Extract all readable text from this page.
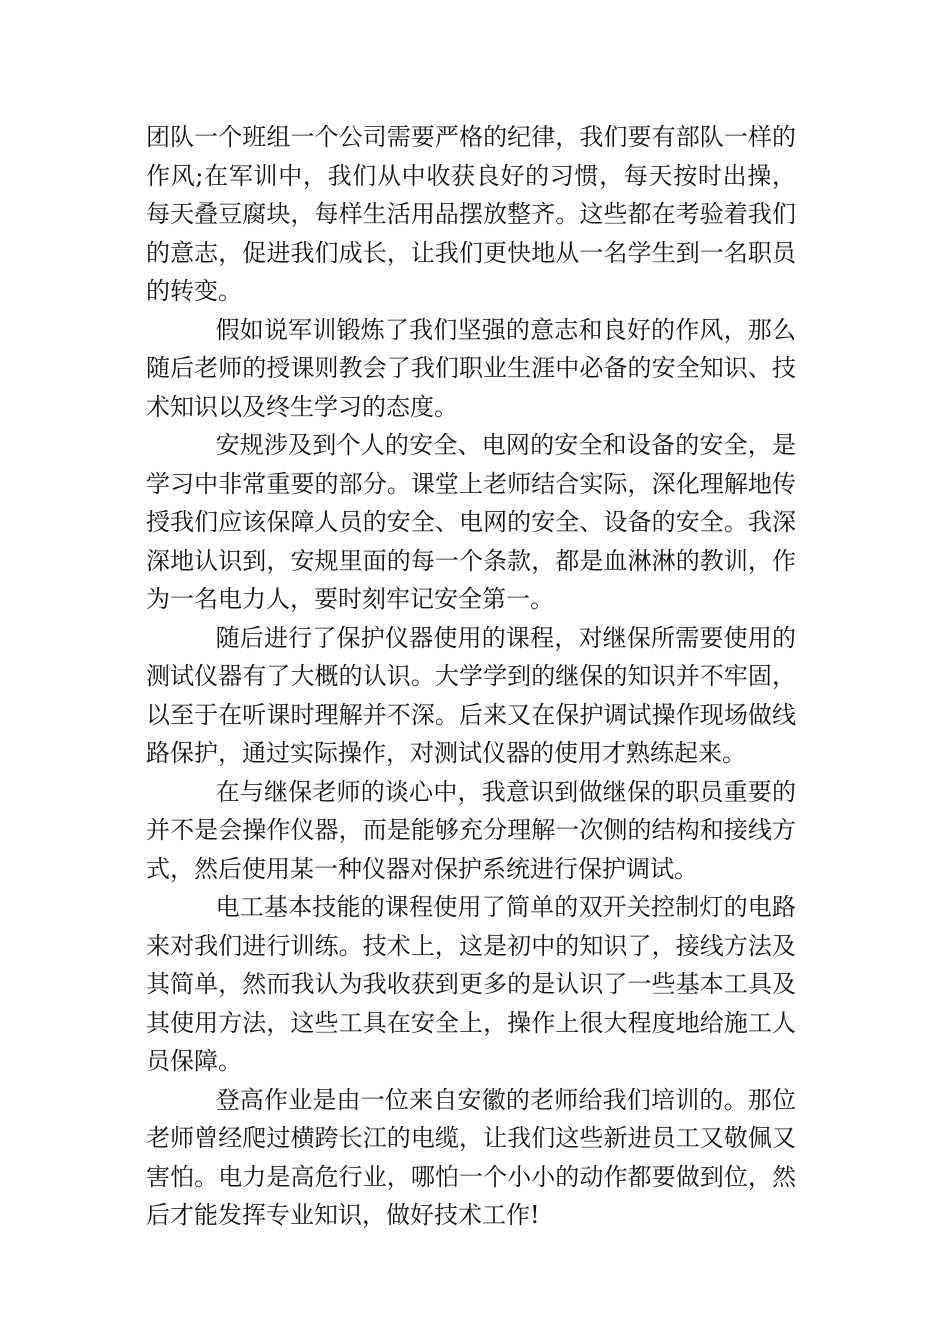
团队一个班组一个公司需要严格的纪律，我们要有部队一样的作风;在军训中，我们从中收获良好的习惯，每天按时出操，每天叠豆腐块，每样生活用品摆放整齐。这些都在考验着我们的意志，促进我们成长，让我们更快地从一名学生到一名职员的转变。

假如说军训锻炼了我们坚强的意志和良好的作风，那么随后老师的授课则教会了我们职业生涯中必备的安全知识、技术知识以及终生学习的态度。

安规涉及到个人的安全、电网的安全和设备的安全，是学习中非常重要的部分。课堂上老师结合实际，深化理解地传授我们应该保障人员的安全、电网的安全、设备的安全。我深深地认识到，安规里面的每一个条款，都是血淋淋的教训，作为一名电力人，要时刻牢记安全第一。

随后进行了保护仪器使用的课程，对继保所需要使用的测试仪器有了大概的认识。大学学到的继保的知识并不牢固，以至于在听课时理解并不深。后来又在保护调试操作现场做线路保护，通过实际操作，对测试仪器的使用才熟练起来。

在与继保老师的谈心中，我意识到做继保的职员重要的并不是会操作仪器，而是能够充分理解一次侧的结构和接线方式，然后使用某一种仪器对保护系统进行保护调试。

电工基本技能的课程使用了简单的双开关控制灯的电路来对我们进行训练。技术上，这是初中的知识了，接线方法及其简单，然而我认为我收获到更多的是认识了一些基本工具及其使用方法，这些工具在安全上，操作上很大程度地给施工人员保障。

登高作业是由一位来自安徽的老师给我们培训的。那位老师曾经爬过横跨长江的电缆，让我们这些新进员工又敬佩又害怕。电力是高危行业，哪怕一个小小的动作都要做到位，然后才能发挥专业知识，做好技术工作!
